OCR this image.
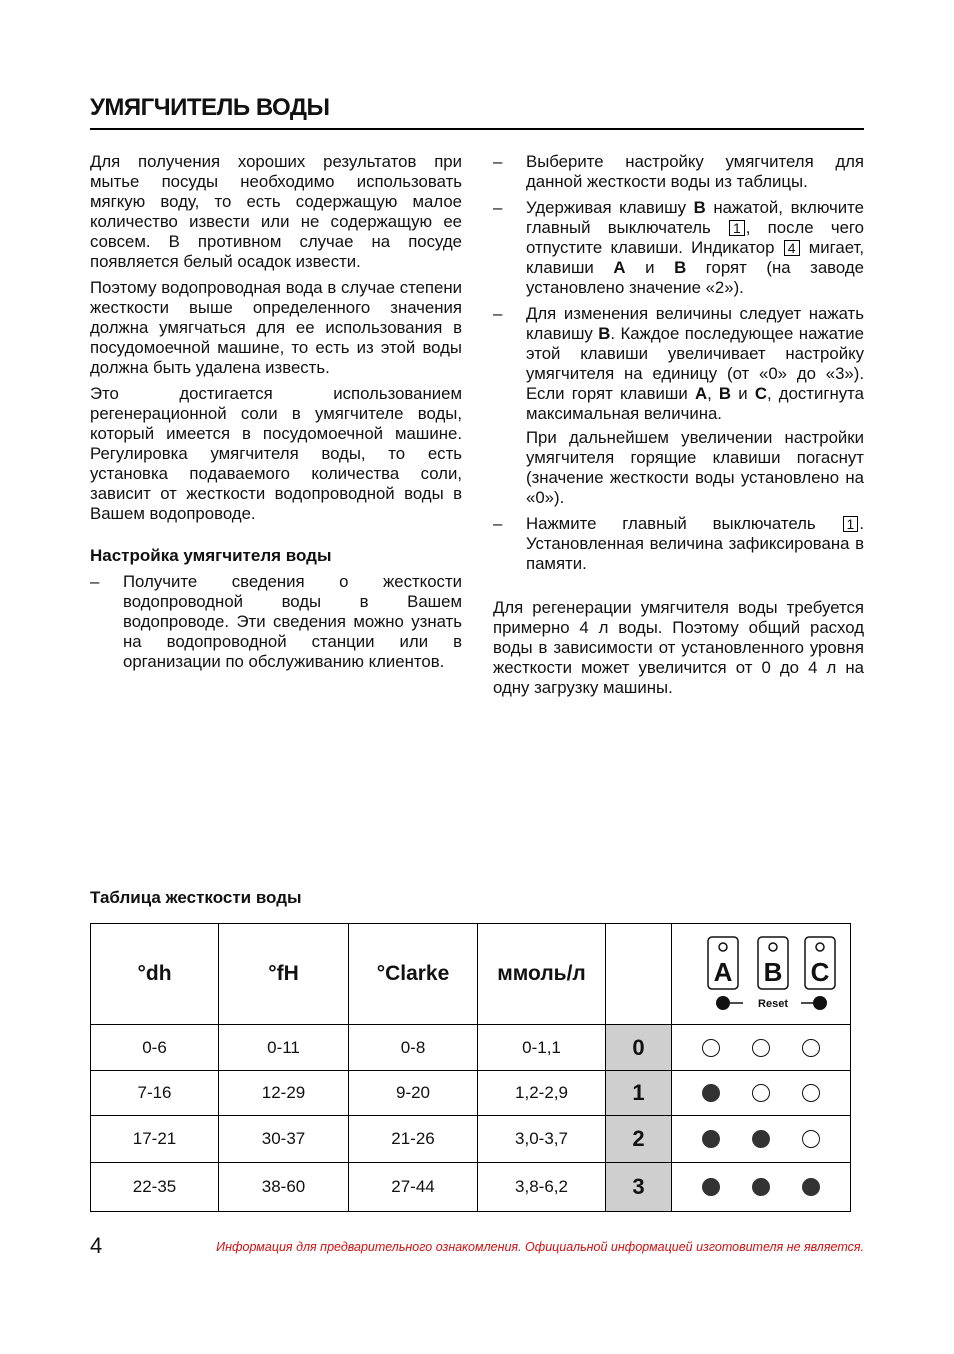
УМЯГЧИТЕЛЬ ВОДЫ

Для получения хороших результатов при мытье посуды необходимо использовать мягкую воду, то есть содержащую малое количество извести или не содержащую ее совсем. В противном случае на посуде появляется белый осадок извести.

Поэтому водопроводная вода в случае степени жесткости выше определенного значения должна умягчаться для ее использования в посудомоечной машине, то есть из этой воды должна быть удалена известь.

Это достигается использованием регенерационной соли в умягчителе воды, который имеется в посудомоечной машине. Регулировка умягчителя воды, то есть установка подаваемого количества соли, зависит от жесткости водопроводной воды в Вашем водопроводе.

Настройка умягчителя воды
– Получите сведения о жесткости водопроводной воды в Вашем водопроводе. Эти сведения можно узнать на водопроводной станции или в организации по обслуживанию клиентов.
– Выберите настройку умягчителя для данной жесткости воды из таблицы.
– Удерживая клавишу B нажатой, включите главный выключатель 1 , после чего отпустите клавиши. Индикатор 4 мигает, клавиши A и B горят (на заводе установлено значение «2»).
– Для изменения величины следует нажать клавишу B. Каждое последующее нажатие этой клавиши увеличивает настройку умягчителя на единицу (от «0» до «3»). Если горят клавиши A, B и C, достигнута максимальная величина.
При дальнейшем увеличении настройки умягчителя горящие клавиши погаснут (значение жесткости воды установлено на «0»).
– Нажмите главный выключатель 1 . Установленная величина зафиксирована в памяти.

Для регенерации умягчителя воды требуется примерно 4 л воды. Поэтому общий расход воды в зависимости от установленного уровня жесткости может увеличится от 0 до 4 л на одну загрузку машины.

Таблица жесткости воды
°dh	°fH	°Clarke	ммоль/л		A B C
Reset

0-6	0-11	0-8	0-1,1	0	

7-16	12-29	9-20	1,2-2,9	1	

17-21	30-37	21-26	3,0-3,7	2	

22-35	38-60	27-44	3,8-6,2	3	
4	Информация для предварительного ознакомления. Официальной информацией изготовителя не является.
